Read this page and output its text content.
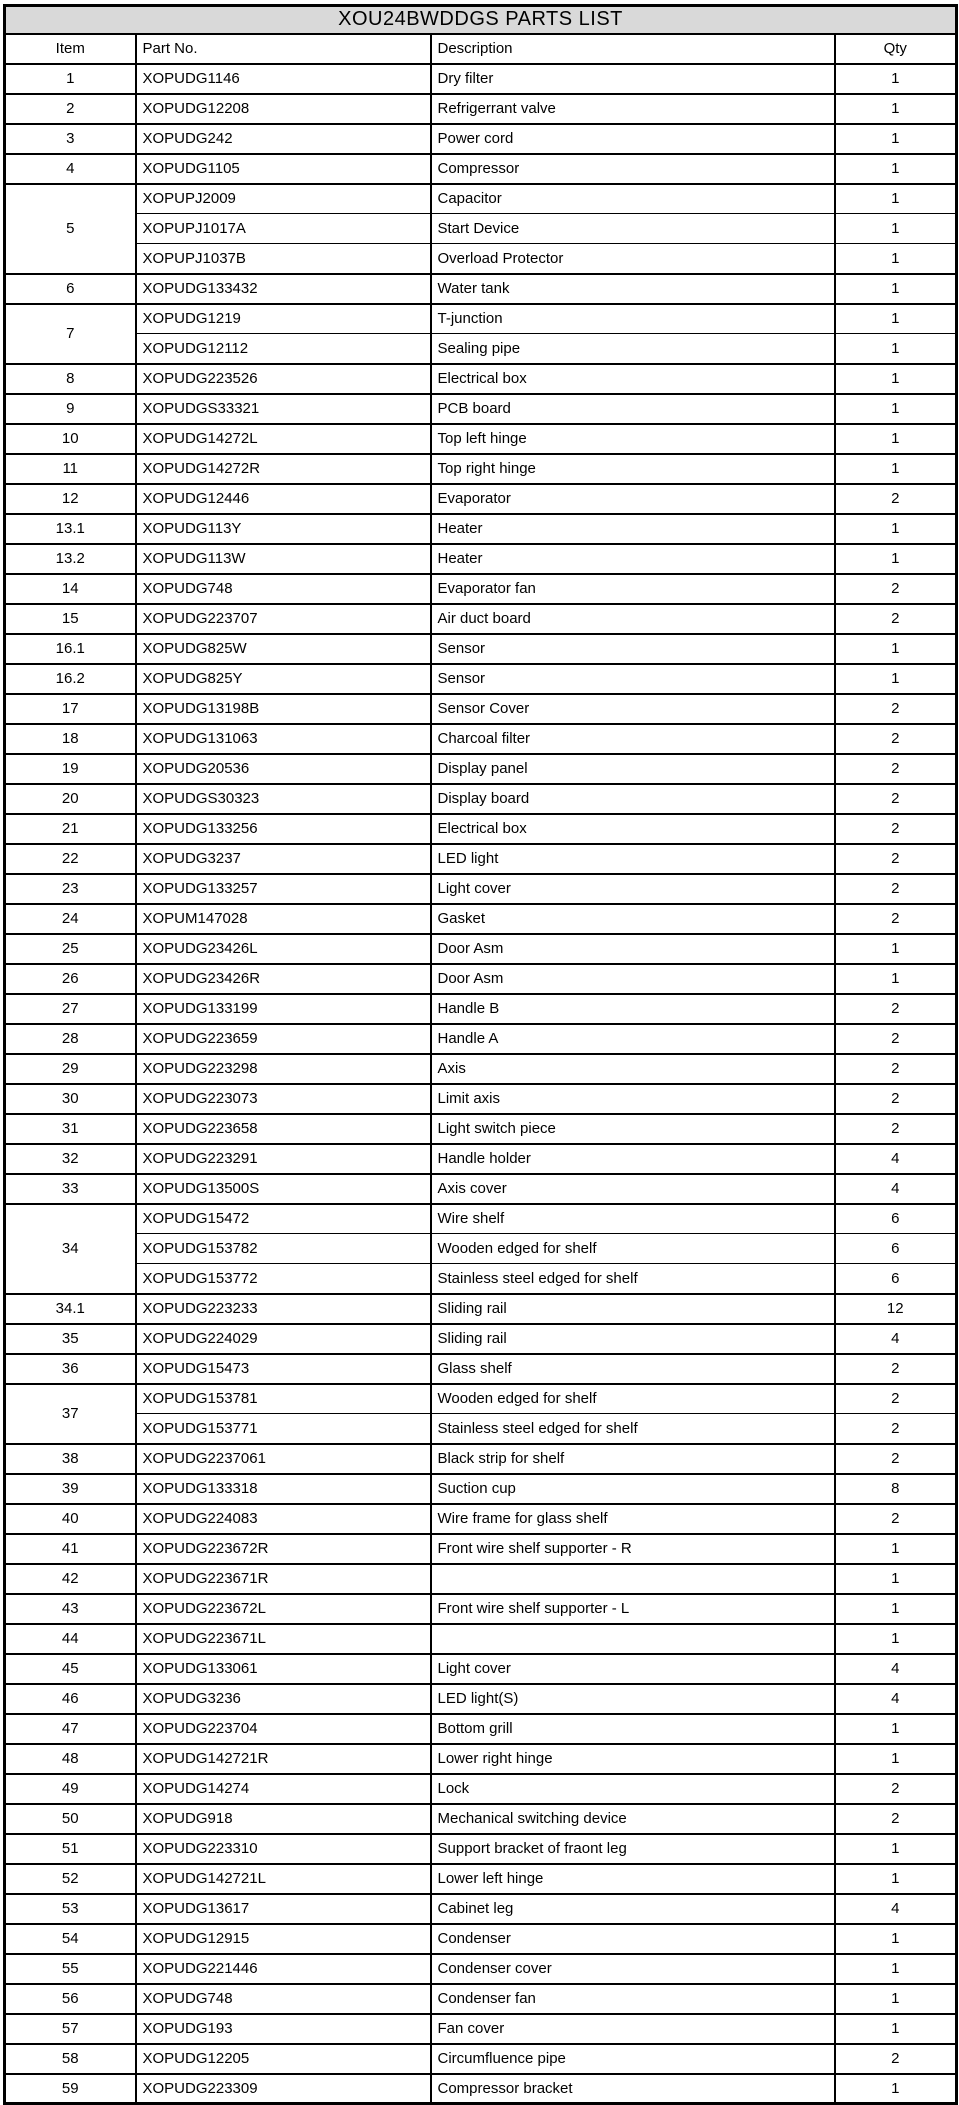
XOU24BWDDGS PARTS LIST			
Item	Part No.	Description	Qty
1	XOPUDG1146	Dry filter	1
2	XOPUDG12208	Refrigerrant valve	1
3	XOPUDG242	Power cord	1
4	XOPUDG1105	Compressor	1
5	XOPUPJ2009	Capacitor	1
	XOPUPJ1017A	Start Device	1
	XOPUPJ1037B	Overload Protector	1
6	XOPUDG133432	Water tank	1
7	XOPUDG1219	T-junction	1
	XOPUDG12112	Sealing pipe	1
8	XOPUDG223526	Electrical box	1
9	XOPUDGS33321	PCB board	1
10	XOPUDG14272L	Top left hinge	1
11	XOPUDG14272R	Top right hinge	1
12	XOPUDG12446	Evaporator	2
13.1	XOPUDG113Y	Heater	1
13.2	XOPUDG113W	Heater	1
14	XOPUDG748	Evaporator fan	2
15	XOPUDG223707	Air duct board	2
16.1	XOPUDG825W	Sensor	1
16.2	XOPUDG825Y	Sensor	1
17	XOPUDG13198B	Sensor Cover	2
18	XOPUDG131063	Charcoal filter	2
19	XOPUDG20536	Display panel	2
20	XOPUDGS30323	Display board	2
21	XOPUDG133256	Electrical box	2
22	XOPUDG3237	LED light	2
23	XOPUDG133257	Light cover	2
24	XOPUM147028	Gasket	2
25	XOPUDG23426L	Door Asm	1
26	XOPUDG23426R	Door Asm	1
27	XOPUDG133199	Handle B	2
28	XOPUDG223659	Handle A	2
29	XOPUDG223298	Axis	2
30	XOPUDG223073	Limit axis	2
31	XOPUDG223658	Light switch piece	2
32	XOPUDG223291	Handle holder	4
33	XOPUDG13500S	Axis cover	4
34	XOPUDG15472	Wire shelf	6
	XOPUDG153782	Wooden edged for shelf	6
	XOPUDG153772	Stainless steel edged for shelf	6
34.1	XOPUDG223233	Sliding rail	12
35	XOPUDG224029	Sliding rail	4
36	XOPUDG15473	Glass shelf	2
37	XOPUDG153781	Wooden edged for shelf	2
	XOPUDG153771	Stainless steel edged for shelf	2
38	XOPUDG2237061	Black strip for shelf	2
39	XOPUDG133318	Suction cup	8
40	XOPUDG224083	Wire frame for glass shelf	2
41	XOPUDG223672R	Front wire shelf supporter - R	1
42	XOPUDG223671R		1
43	XOPUDG223672L	Front wire shelf supporter - L	1
44	XOPUDG223671L		1
45	XOPUDG133061	Light cover	4
46	XOPUDG3236	LED light(S)	4
47	XOPUDG223704	Bottom grill	1
48	XOPUDG142721R	Lower right hinge	1
49	XOPUDG14274	Lock	2
50	XOPUDG918	Mechanical switching device	2
51	XOPUDG223310	Support bracket of fraont leg	1
52	XOPUDG142721L	Lower left hinge	1
53	XOPUDG13617	Cabinet leg	4
54	XOPUDG12915	Condenser	1
55	XOPUDG221446	Condenser cover	1
56	XOPUDG748	Condenser fan	1
57	XOPUDG193	Fan cover	1
58	XOPUDG12205	Circumfluence pipe	2
59	XOPUDG223309	Compressor bracket	1
